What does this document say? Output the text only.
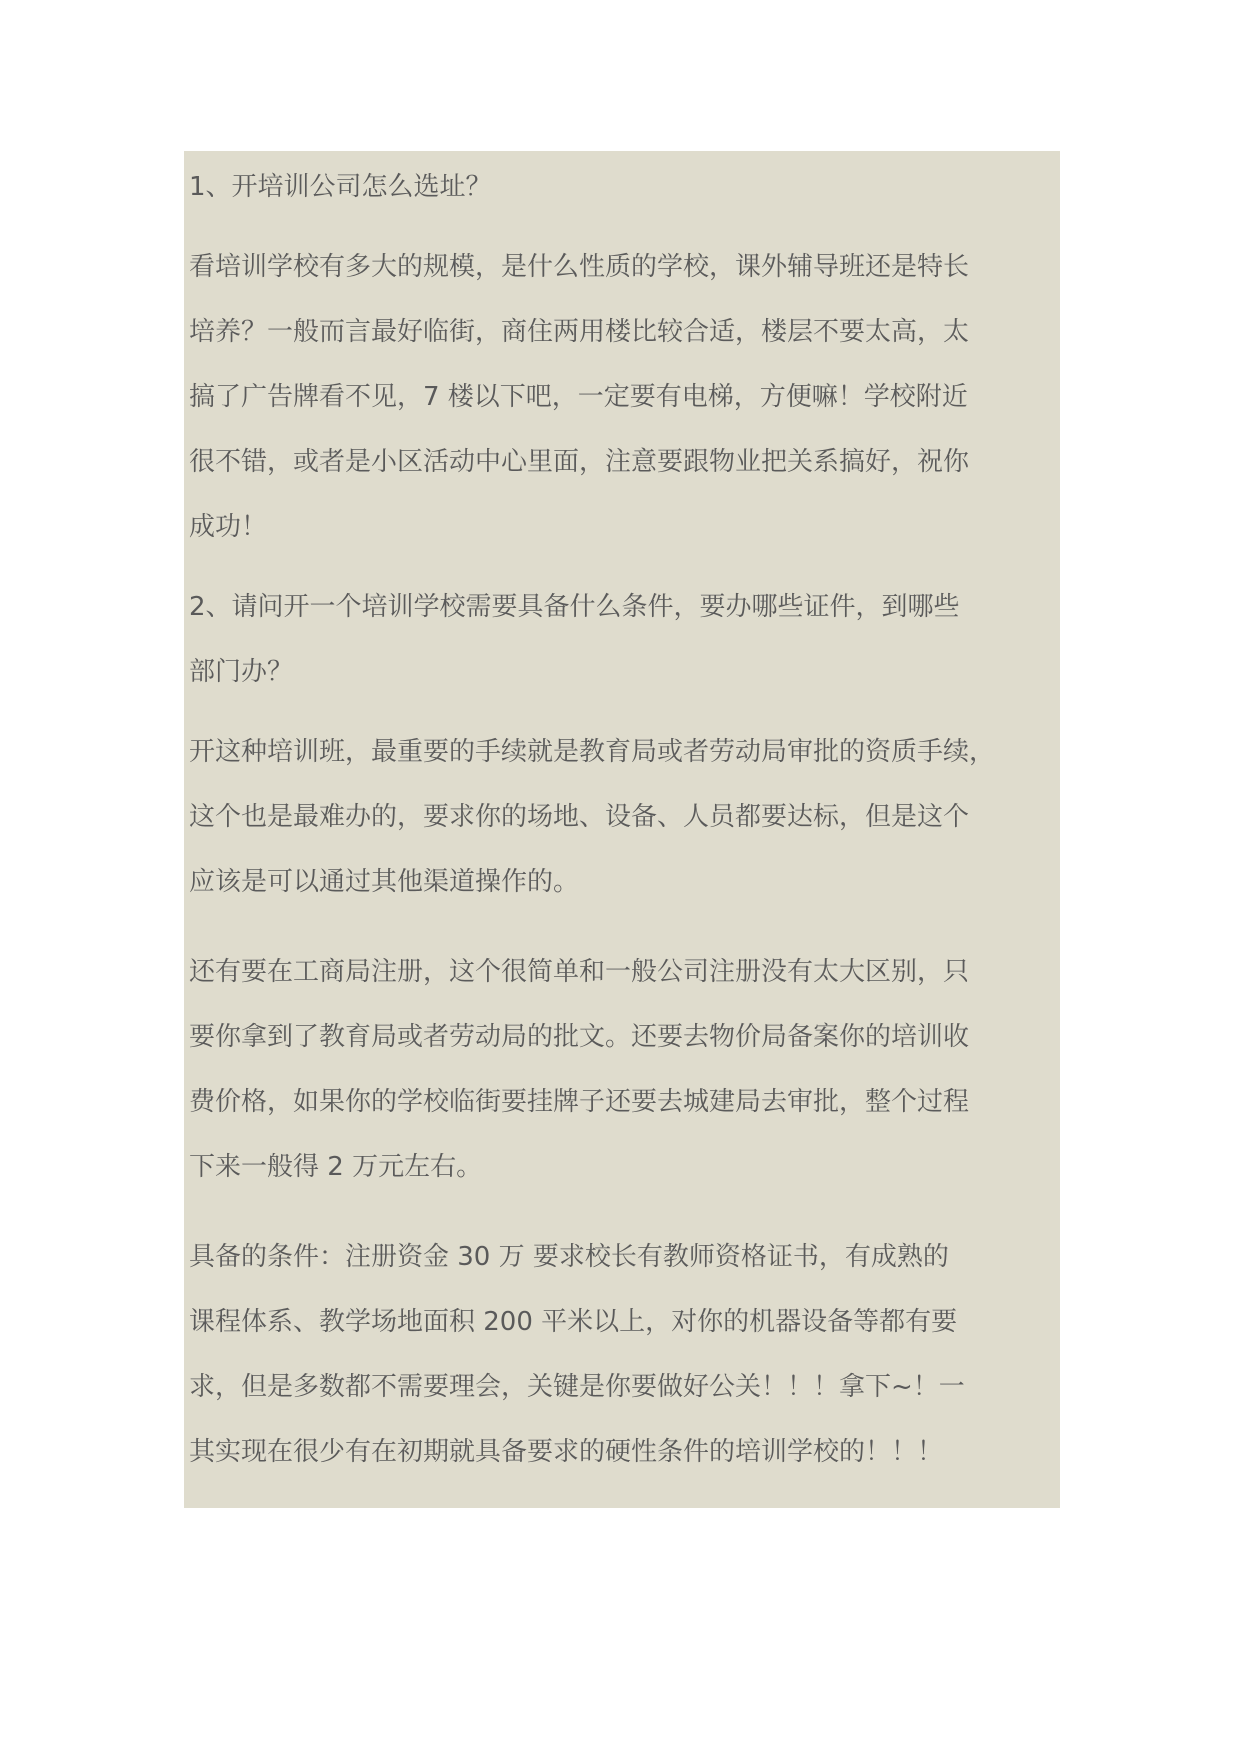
1、开培训公司怎么选址？

看培训学校有多大的规模，是什么性质的学校，课外辅导班还是特长

培养？一般而言最好临街，商住两用楼比较合适，楼层不要太高，太

搞了广告牌看不见，7 楼以下吧，一定要有电梯，方便嘛！学校附近

很不错，或者是小区活动中心里面，注意要跟物业把关系搞好，祝你

成功！

2、请问开一个培训学校需要具备什么条件，要办哪些证件，到哪些

部门办？

开这种培训班，最重要的手续就是教育局或者劳动局审批的资质手续，

这个也是最难办的，要求你的场地、设备、人员都要达标，但是这个

应该是可以通过其他渠道操作的。

还有要在工商局注册，这个很简单和一般公司注册没有太大区别，只

要你拿到了教育局或者劳动局的批文。还要去物价局备案你的培训收

费价格，如果你的学校临街要挂牌子还要去城建局去审批，整个过程

下来一般得 2 万元左右。

具备的条件：注册资金 30 万 要求校长有教师资格证书，有成熟的

课程体系、教学场地面积 200 平米以上，对你的机器设备等都有要

求，但是多数都不需要理会，关键是你要做好公关！！！拿下~！一

其实现在很少有在初期就具备要求的硬性条件的培训学校的！！！
